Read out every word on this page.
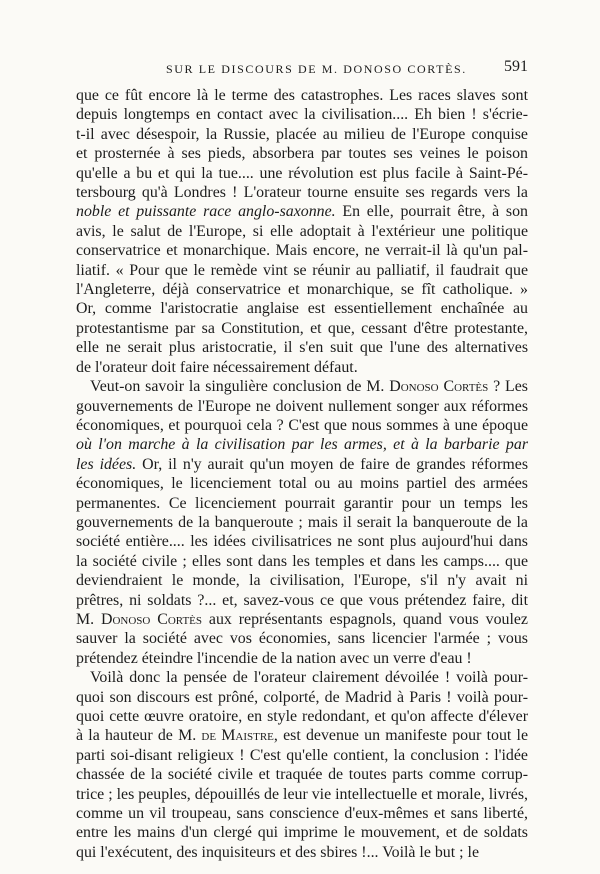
SUR LE DISCOURS DE M. DONOSO CORTÈS. 591

que ce fût encore là le terme des catastrophes. Les races slaves sont
depuis longtemps en contact avec la civilisation.... Eh bien ! s'écrie-
t-il avec désespoir, la Russie, placée au milieu de l'Europe conquise
et prosternée à ses pieds, absorbera par toutes ses veines le poison
qu'elle a bu et qui la tue.... une révolution est plus facile à Saint-Pé-
tersbourg qu'à Londres ! L'orateur tourne ensuite ses regards vers la
noble et puissante race anglo-saxonne. En elle, pourrait être, à son
avis, le salut de l'Europe, si elle adoptait à l'extérieur une politique
conservatrice et monarchique. Mais encore, ne verrait-il là qu'un pal-
liatif. « Pour que le remède vint se réunir au palliatif, il faudrait que
l'Angleterre, déjà conservatrice et monarchique, se fît catholique. »
Or, comme l'aristocratie anglaise est essentiellement enchaînée au
protestantisme par sa Constitution, et que, cessant d'être protestante,
elle ne serait plus aristocratie, il s'en suit que l'une des alternatives
de l'orateur doit faire nécessairement défaut.

Veut-on savoir la singulière conclusion de M. Donoso Cortès ? Les
gouvernements de l'Europe ne doivent nullement songer aux réformes
économiques, et pourquoi cela ? C'est que nous sommes à une époque
où l'on marche à la civilisation par les armes, et à la barbarie par
les idées. Or, il n'y aurait qu'un moyen de faire de grandes réformes
économiques, le licenciement total ou au moins partiel des armées
permanentes. Ce licenciement pourrait garantir pour un temps les
gouvernements de la banqueroute ; mais il serait la banqueroute de la
société entière.... les idées civilisatrices ne sont plus aujourd'hui dans
la société civile ; elles sont dans les temples et dans les camps.... que
deviendraient le monde, la civilisation, l'Europe, s'il n'y avait ni
prêtres, ni soldats ?... et, savez-vous ce que vous prétendez faire, dit
M. Donoso Cortès aux représentants espagnols, quand vous voulez
sauver la société avec vos économies, sans licencier l'armée ; vous
prétendez éteindre l'incendie de la nation avec un verre d'eau !

Voilà donc la pensée de l'orateur clairement dévoilée ! voilà pour-
quoi son discours est prôné, colporté, de Madrid à Paris ! voilà pour-
quoi cette œuvre oratoire, en style redondant, et qu'on affecte d'élever
à la hauteur de M. de Maistre, est devenue un manifeste pour tout le
parti soi-disant religieux ! C'est qu'elle contient, la conclusion : l'idée
chassée de la société civile et traquée de toutes parts comme corrup-
trice ; les peuples, dépouillés de leur vie intellectuelle et morale, livrés,
comme un vil troupeau, sans conscience d'eux-mêmes et sans liberté,
entre les mains d'un clergé qui imprime le mouvement, et de soldats
qui l'exécutent, des inquisiteurs et des sbires !... Voilà le but ; le
